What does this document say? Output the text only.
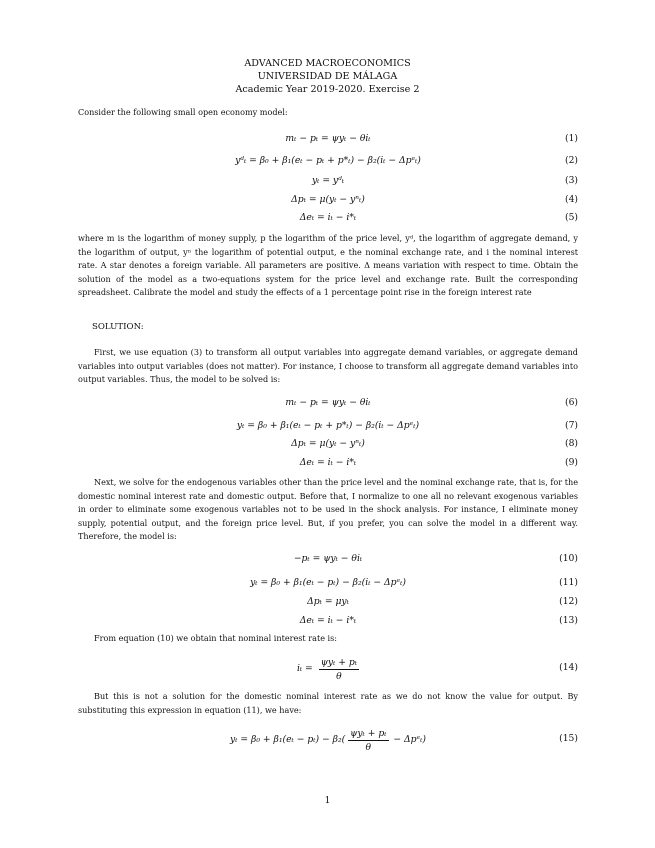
ADVANCED MACROECONOMICS
UNIVERSIDAD DE MÁLAGA
Academic Year 2019-2020. Exercise 2
Consider the following small open economy model:
mₜ − pₜ = ψyₜ − θiₜ	(1)
yᵈₜ = β₀ + β₁(eₜ − pₜ + p*ₜ) − β₂(iₜ − Δpᵉₜ)	(2)
yₜ = yᵈₜ	(3)
Δpₜ = μ(yₜ − yⁿₜ)	(4)
Δeₜ = iₜ − i*ₜ	(5)
where m is the logarithm of money supply, p the logarithm of the price level, yᵈ, the logarithm of aggregate demand, y the logarithm of output, yⁿ the logarithm of potential output, e the nominal exchange rate, and i the nominal interest rate. A star denotes a foreign variable. All parameters are positive. Δ means variation with respect to time. Obtain the solution of the model as a two-equations system for the price level and exchange rate. Built the corresponding spreadsheet. Calibrate the model and study the effects of a 1 percentage point rise in the foreign interest rate
SOLUTION:
First, we use equation (3) to transform all output variables into aggregate demand variables, or aggregate demand variables into output variables (does not matter). For instance, I choose to transform all aggregate demand variables into output variables. Thus, the model to be solved is:
mₜ − pₜ = ψyₜ − θiₜ	(6)
yₜ = β₀ + β₁(eₜ − pₜ + p*ₜ) − β₂(iₜ − Δpᵉₜ)	(7)
Δpₜ = μ(yₜ − yⁿₜ)	(8)
Δeₜ = iₜ − i*ₜ	(9)
Next, we solve for the endogenous variables other than the price level and the nominal exchange rate, that is, for the domestic nominal interest rate and domestic output. Before that, I normalize to one all no relevant exogenous variables in order to eliminate some exogenous variables not to be used in the shock analysis. For instance, I eliminate money supply, potential output, and the foreign price level. But, if you prefer, you can solve the model in a different way. Therefore, the model is:
−pₜ = ψyₜ − θiₜ	(10)
yₜ = β₀ + β₁(eₜ − pₜ) − β₂(iₜ − Δpᵉₜ)	(11)
Δpₜ = μyₜ	(12)
Δeₜ = iₜ − i*ₜ	(13)
From equation (10) we obtain that nominal interest rate is:
iₜ =
ψyₜ + pₜ
θ
(14)
But this is not a solution for the domestic nominal interest rate as we do not know the value for output. By substituting this expression in equation (11), we have:
yₜ = β₀ + β₁(eₜ − pₜ) − β₂(
ψyₜ + pₜ
θ
− Δpᵉₜ)	(15)
1
